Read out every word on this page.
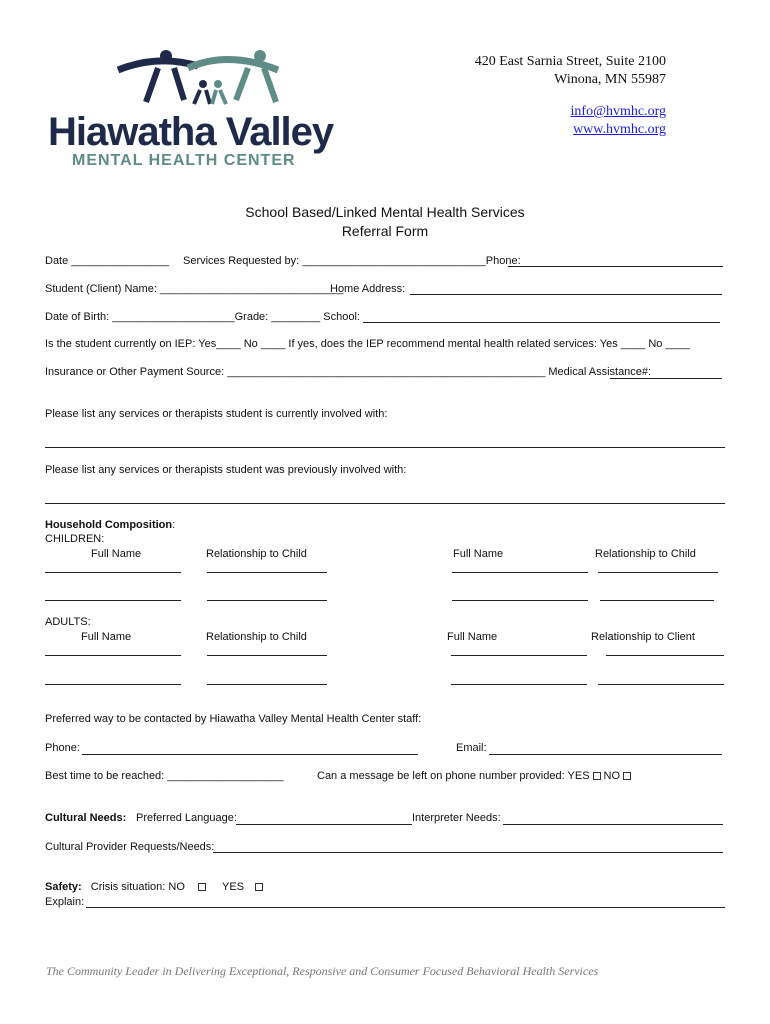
Hiawatha Valley
MENTAL HEALTH CENTER
420 East Sarnia Street, Suite 2100
Winona, MN 55987
info@hvmhc.org
www.hvmhc.org
School Based/Linked Mental Health Services
Referral Form
Date ________________ Services Requested by: ______________________________Phone:
Student (Client) Name: ______________________________
Home Address:
Date of Birth: ____________________Grade: ________ School:
Is the student currently on IEP: Yes____ No ____ If yes, does the IEP recommend mental health related services: Yes ____ No ____
Insurance or Other Payment Source: ____________________________________________________ Medical Assistance#:
Please list any services or therapists student is currently involved with:
Please list any services or therapists student was previously involved with:
Household Composition:
CHILDREN:
Full Name	Relationship to Child	Full Name	Relationship to Child
ADULTS:
Full Name	Relationship to Child	Full Name	Relationship to Client
Preferred way to be contacted by Hiawatha Valley Mental Health Center staff:
Phone:	Email:
Best time to be reached: ___________________	Can a message be left on phone number provided: YES NO
Cultural Needs: Preferred Language:	Interpreter Needs:
Cultural Provider Requests/Needs:
Safety: Crisis situation: NO	YES
Explain:
The Community Leader in Delivering Exceptional, Responsive and Consumer Focused Behavioral Health Services
